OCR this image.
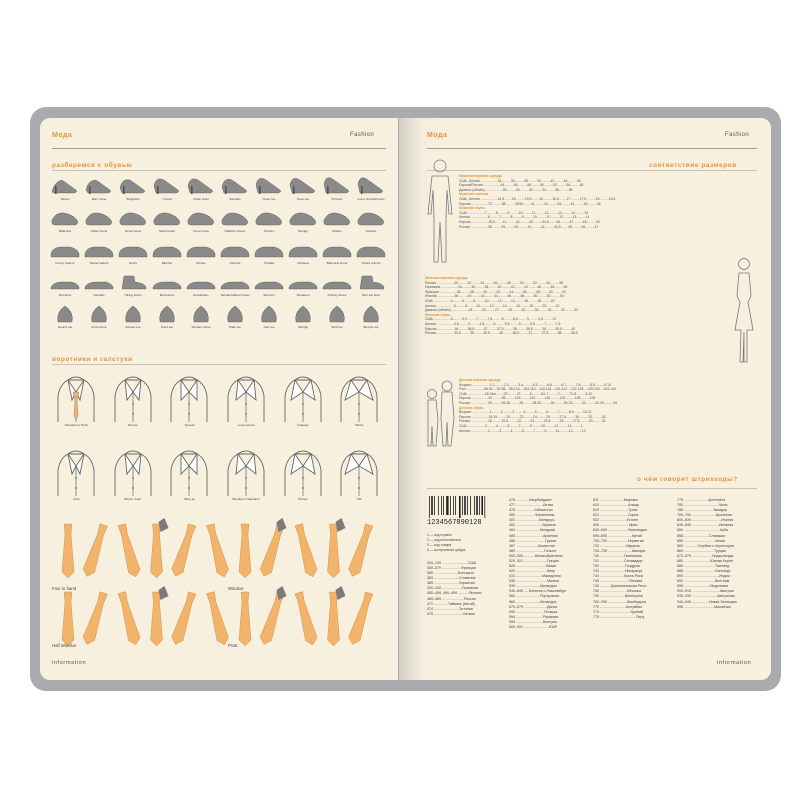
Мода	Fashion
разберемся с обувью
Mules	Mary Jane	Slingback	T-strap	Ankle strap	Sandals	Open toe	Peep-toe	D'Orsay	Court shoes/Pumps
Ballerina	Wiiter heels	Spool heels	Mock heels	Cone heels	Platform shoes	Chunky	Wedge	Stiletto	Sceptre
Penny loafers	Tassel loafers	Derby	Blücher	Monks	Oxfords	Chukka	Chelsea	Balmoral boots	Opera pumps
Flip-flops	Sandals	Hiking boots	Moccasins	Espadrilles	Topsiders/Boat shoes	Slip-ons	Sneakers	Driving shoes	Moc toe boot
Round toe	Almond toe	Square toe	Point toe	Windsor shoe	Plain toe	Cap toe	Wingtip	Split toe	Bicycle toe
воротники и галстуки
Standard or Point	Narrow	Spread	Long spread	Cutaway	Shirtie
Club	Button down	Wing tip	Banded or Mandarin	Pinned	Tab
Four in hand	Windsor
Half Windsor	Pratt
information
Мода	Fashion
соответствие размеров
Мужская верхняя одежда
США, Англия ..................34..........36..........38..........40..........42..........44..........46
Европа/Россия ..................44..........46..........48..........50..........52..........54..........56
Джинсы (объём) ..................28..........30..........32..........34..........36..........38
Мужские сорочки
США, Англия ..................14,5........15..........15,5........16..........16,5........17..........17,5..........18..........18,5
Европа ..................37..........38..........39/40........41..........42..........43..........44..........45..........46
Мужская обувь
США ..................7..........8..........9..........10..........11..........12..........13..........14..........15
Англия ..................6..........7..........8..........9..........10..........11..........12..........13..........14
Европа ..................39,5........41..........42..........43..........44,5........46..........47..........48..........49
Россия ..................38..........39..........40..........41..........42..........43,5........45..........46..........47
Женская верхняя одежда
Россия ..................40..........42..........44..........46..........48..........50..........52..........54..........56
Германия ..................34..........36..........38..........40..........42..........44..........46..........48..........50
Франция ..................36..........38..........40..........42..........44..........46..........48..........50..........52
Италия ..................38..........40..........42..........44..........46..........48..........50..........52..........54
США ..................4..........6..........8..........10..........12..........14..........16..........18..........20
Англия ..................6..........8..........10..........12..........14..........16..........18..........20..........22
Джинсы (объём) ..................24..........26..........27..........28..........29..........30..........31..........32..........33
Женская обувь
США ..................6..........6,5..........7..........7,5..........8..........8,5..........9..........9,5..........10
Англия ..................3,5..........4..........4,5..........5..........5,5..........6..........6,5..........7..........7,5
Европа ..................36..........36,5..........37..........37,5..........38..........38,5..........39..........39,5..........40
Россия ..................34,5..........35..........35,5..........36..........36,5..........37..........37,5..........38..........38,5
Детская верхняя одежда
Возраст ..................1-2..........2-3..........3-4..........4-5..........5-6..........6-7..........7-8..........8-9..........9-10
Рост ..................86-92....92-98....98-104....104-110....110-116....116-122....122-128....128-134....134-140
США ..................18-24m........2T..........4T..........5..........6X-7..........7..........7X-8..........9-10
Европа ..................92..........98..........104..........110..........116..........122..........128..........134
Россия ..................26..........26-28..........28..........28-30..........30..........30-32..........32..........32-34..........34
Детская обувь
Возраст ..................1..........2..........3..........4..........5..........6..........7..........8-9..........10-11
Европа ..................18-19..........20..........22..........24..........25..........27,5..........30..........32..........33
Россия ..................18..........19,5..........22..........23..........23,5..........25..........27,5..........29..........31
США ..................3..........4..........5..........7..........8..........10..........12..........13..........1
Англия ..................2..........3..........4..........6..........7..........9..........11..........12..........13
о чём говорят штрихкоды?
1234567890128
1 — код страны
2 — код изготовителя
3 — код товара
4 — контрольная цифра
000–139 ..........................США
300–379 ...................Франция
380 ........................Болгария
383 .........................Словения
385 .........................Хорватия
400–440 ....................Германия
450–459, 490–499 ...........Япония
460–469 ......................Россия
471 ..............Тайвань (Китай)
474 .........................Эстония
475 .............................Латвия
476 .............Азербайджан
477 ...........................Литва
478 ..................Узбекистан
480 ...................Филиппины
481 .......................Беларусь
482 ..........................Украина
484 ........................Молдова
485 ...........................Армения
486 .............................Грузия
487 ......................Казахстан
489 ............................Гонконг
500–509 ...........Великобритания
520, 521 .......................Греция
528 ..............................Ливан
529 ...............................Кипр
531 ..........................Македония
535 ...............................Мальта
539 ........................Ирландия
540–549 .....Бельгия и Люксембург
560 ........................Португалия
569 ........................Исландия
570–579 .......................Дания
590 ............................Польша
594 ...........................Румыния
599 ...........................Венгрия
600, 601 .........................ЮАР
611 ........................Марокко
613 ............................Алжир
619 ............................Тунис
621 ............................Сирия
622 ...........................Египет
626 .............................Иран
640–649 ....................Финляндия
690–695 ........................Китай
700–709 ....................Норвегия
729 ..........................Израиль
730–739 ........................Швеция
740 ........................Гватемала
741 ........................Сальвадор
742 .........................Гондурас
743 .........................Никарагуа
744 ........................Коста-Рика
745 .............................Панама
746 ...........Доминиканская Респ.
750 ...........................Мексика
759 .........................Венесуэла
760–769 ...................Швейцария
770 ..........................Колумбия
773 ..............................Уругвай
775 ....................................Перу
779 ........................Аргентина
780 ...................................Чили
786 .............................Эквадор
789–790 ........................Бразилия
800–839 .............................Италия
840–849 ...........................Испания
850 ....................................Куба
858 .........................Словакия
859 ...............................Чехия
860 ..............Сербия и Черногория
869 ..............................Турция
870–879 ....................Нидерланды
880 ..........................Южная Корея
885 ...............................Таиланд
888 ...............................Сингапур
890 ...................................Индия
893 ...............................Вьетнам
899 ..........................Индонезия
900–919 ............................Австрия
930–939 .........................Австралия
940–949 .................Новая Зеландия
955 ..............................Малайзия
information
